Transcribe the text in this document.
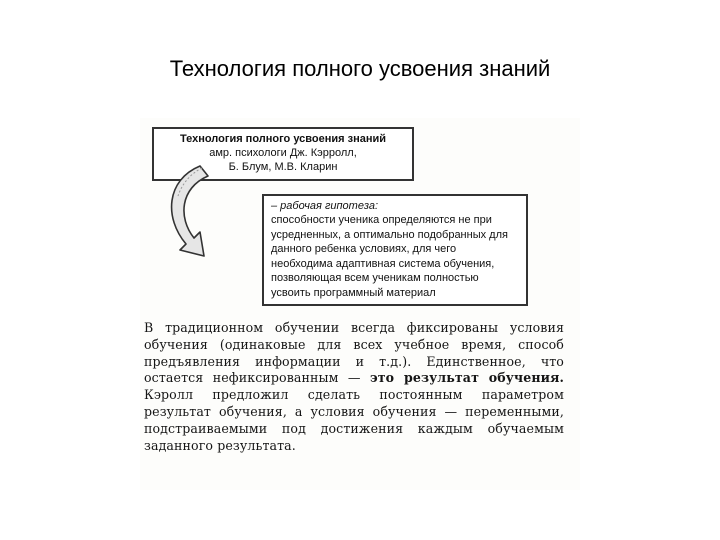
Технология полного усвоения знаний
Технология полного усвоения знаний
амр. психологи Дж. Кэрролл,
Б. Блум, М.В. Кларин
– рабочая гипотеза:
способности ученика определяются не при усредненных, а оптимально подобранных для данного ребенка условиях, для чего необходима адаптивная система обучения, позволяющая всем ученикам полностью усвоить программный материал
В традиционном обучении всегда фиксированы условия обучения (одинаковые для всех учебное время, способ предъявления информации и т.д.). Единственное, что остается нефиксированным — это результат обучения. Кэролл предложил сделать постоянным параметром результат обучения, а условия обучения — переменными, подстраиваемыми под достижения каждым обучаемым заданного результата.
